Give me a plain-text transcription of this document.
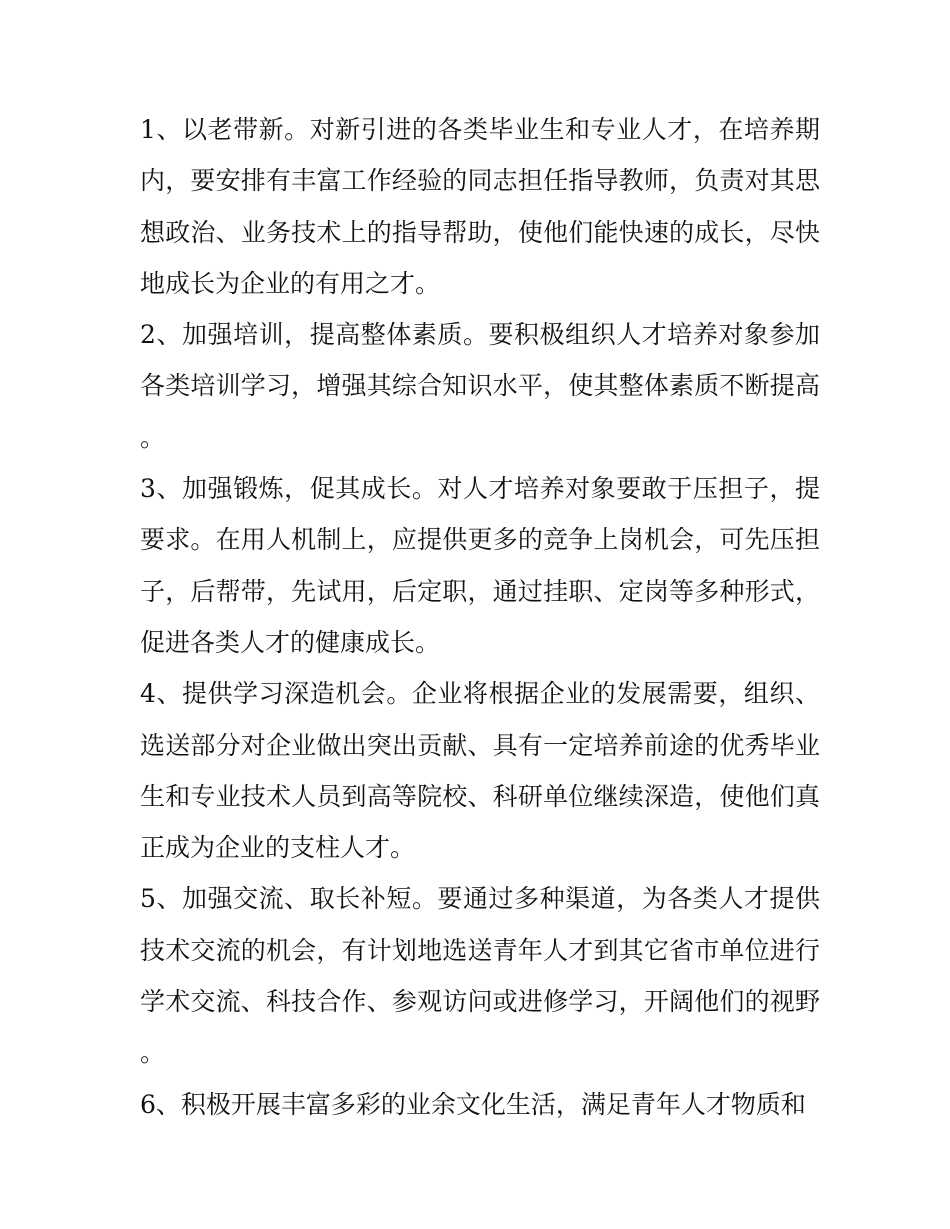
1、以老带新。对新引进的各类毕业生和专业人才，在培养期内，要安排有丰富工作经验的同志担任指导教师，负责对其思想政治、业务技术上的指导帮助，使他们能快速的成长，尽快地成长为企业的有用之才。

2、加强培训，提高整体素质。要积极组织人才培养对象参加各类培训学习，增强其综合知识水平，使其整体素质不断提高。

3、加强锻炼，促其成长。对人才培养对象要敢于压担子，提要求。在用人机制上，应提供更多的竞争上岗机会，可先压担子，后帮带，先试用，后定职，通过挂职、定岗等多种形式，促进各类人才的健康成长。

4、提供学习深造机会。企业将根据企业的发展需要，组织、选送部分对企业做出突出贡献、具有一定培养前途的优秀毕业生和专业技术人员到高等院校、科研单位继续深造，使他们真正成为企业的支柱人才。

5、加强交流、取长补短。要通过多种渠道，为各类人才提供技术交流的机会，有计划地选送青年人才到其它省市单位进行学术交流、科技合作、参观访问或进修学习，开阔他们的视野。

6、积极开展丰富多彩的业余文化生活，满足青年人才物质和
